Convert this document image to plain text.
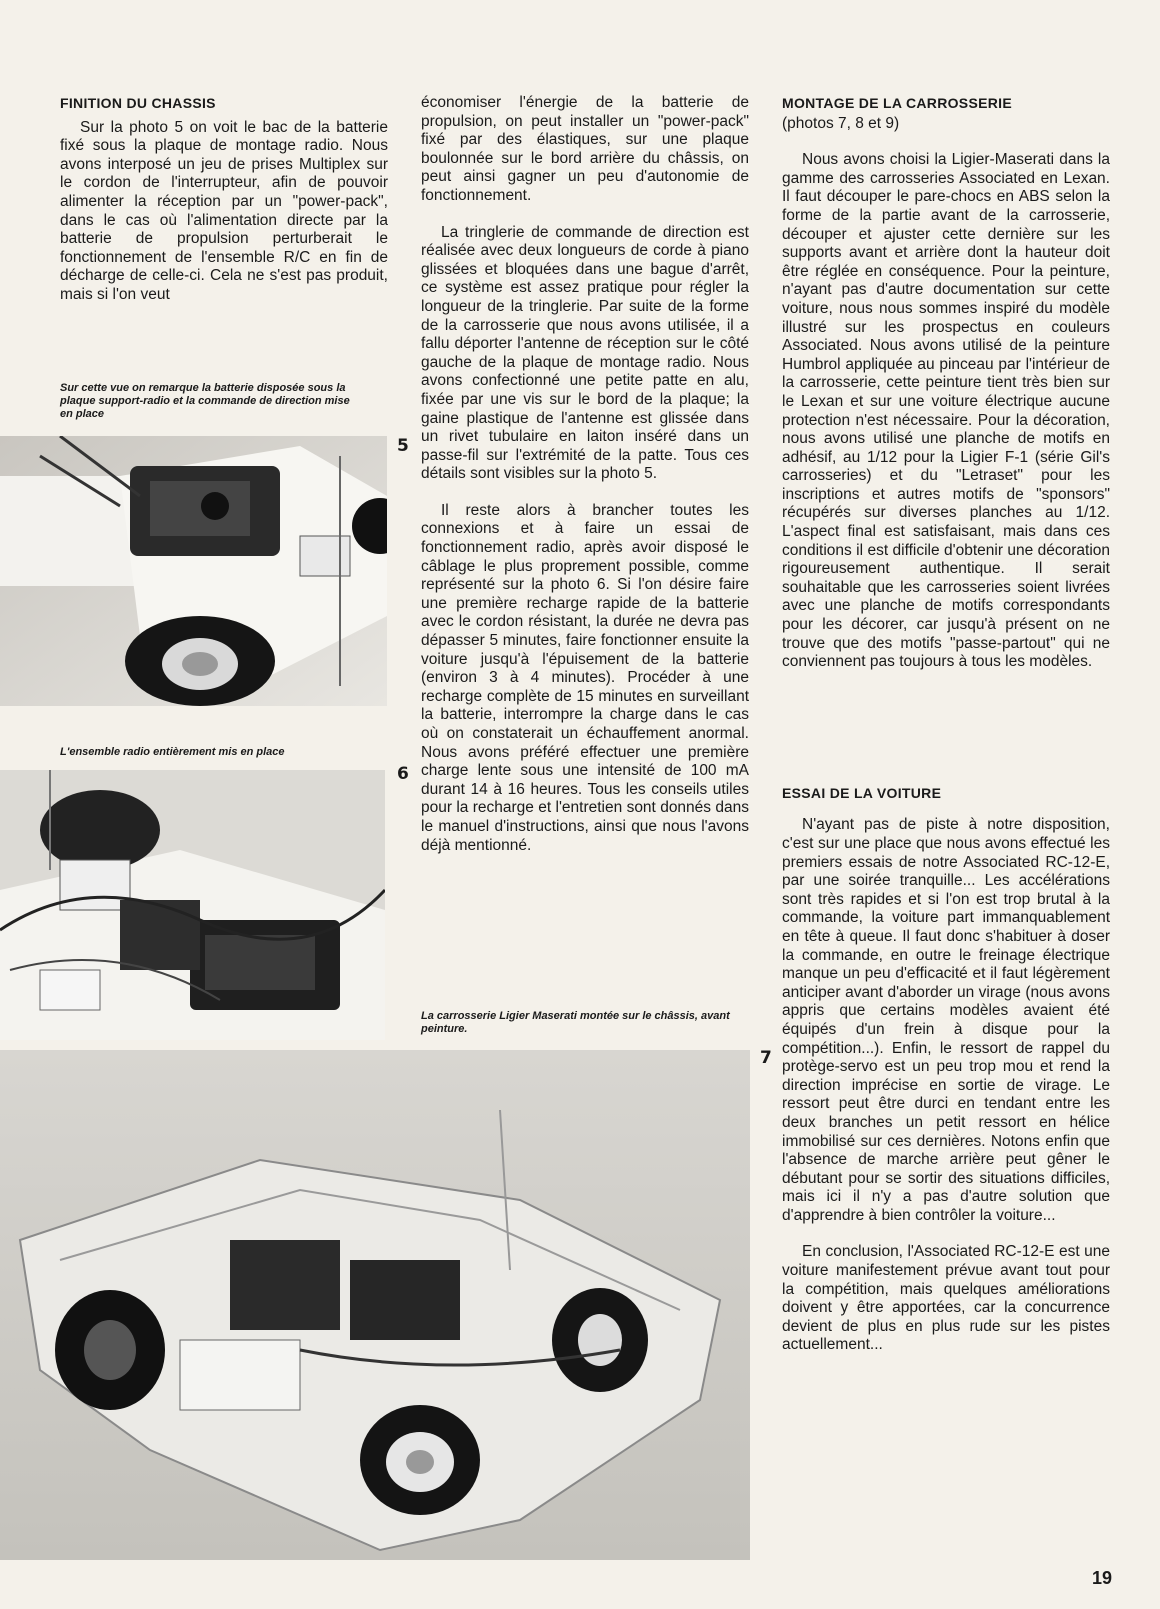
FINITION DU CHASSIS

Sur la photo 5 on voit le bac de la batterie fixé sous la plaque de montage radio. Nous avons interposé un jeu de prises Multiplex sur le cordon de l'interrupteur, afin de pouvoir alimenter la réception par un "power-pack", dans le cas où l'alimentation directe par la batterie de propulsion perturberait le fonctionnement de l'ensemble R/C en fin de décharge de celle-ci. Cela ne s'est pas produit, mais si l'on veut

Sur cette vue on remarque la batterie disposée sous la plaque support-radio et la commande de direction mise en place
5
L'ensemble radio entièrement mis en place
6

économiser l'énergie de la batterie de propulsion, on peut installer un "power-pack" fixé par des élastiques, sur une plaque boulonnée sur le bord arrière du châssis, on peut ainsi gagner un peu d'autonomie de fonctionnement.

La tringlerie de commande de direction est réalisée avec deux longueurs de corde à piano glissées et bloquées dans une bague d'arrêt, ce système est assez pratique pour régler la longueur de la tringlerie. Par suite de la forme de la carrosserie que nous avons utilisée, il a fallu déporter l'antenne de réception sur le côté gauche de la plaque de montage radio. Nous avons confectionné une petite patte en alu, fixée par une vis sur le bord de la plaque; la gaine plastique de l'antenne est glissée dans un rivet tubulaire en laiton inséré dans un passe-fil sur l'extrémité de la patte. Tous ces détails sont visibles sur la photo 5.

Il reste alors à brancher toutes les connexions et à faire un essai de fonctionnement radio, après avoir disposé le câblage le plus proprement possible, comme représenté sur la photo 6. Si l'on désire faire une première recharge rapide de la batterie avec le cordon résistant, la durée ne devra pas dépasser 5 minutes, faire fonctionner ensuite la voiture jusqu'à l'épuisement de la batterie (environ 3 à 4 minutes). Procéder à une recharge complète de 15 minutes en surveillant la batterie, interrompre la charge dans le cas où on constaterait un échauffement anormal. Nous avons préféré effectuer une première charge lente sous une intensité de 100 mA durant 14 à 16 heures. Tous les conseils utiles pour la recharge et l'entretien sont donnés dans le manuel d'instructions, ainsi que nous l'avons déjà mentionné.

La carrosserie Ligier Maserati montée sur le châssis, avant peinture.
7
MONTAGE DE LA CARROSSERIE
(photos 7, 8 et 9)

Nous avons choisi la Ligier-Maserati dans la gamme des carrosseries Associated en Lexan. Il faut découper le pare-chocs en ABS selon la forme de la partie avant de la carrosserie, découper et ajuster cette dernière sur les supports avant et arrière dont la hauteur doit être réglée en conséquence. Pour la peinture, n'ayant pas d'autre documentation sur cette voiture, nous nous sommes inspiré du modèle illustré sur les prospectus en couleurs Associated. Nous avons utilisé de la peinture Humbrol appliquée au pinceau par l'intérieur de la carrosserie, cette peinture tient très bien sur le Lexan et sur une voiture électrique aucune protection n'est nécessaire. Pour la décoration, nous avons utilisé une planche de motifs en adhésif, au 1/12 pour la Ligier F-1 (série Gil's carrosseries) et du "Letraset" pour les inscriptions et autres motifs de "sponsors" récupérés sur diverses planches au 1/12. L'aspect final est satisfaisant, mais dans ces conditions il est difficile d'obtenir une décoration rigoureusement authentique. Il serait souhaitable que les carrosseries soient livrées avec une planche de motifs correspondants pour les décorer, car jusqu'à présent on ne trouve que des motifs "passe-partout" qui ne conviennent pas toujours à tous les modèles.

ESSAI DE LA VOITURE

N'ayant pas de piste à notre disposition, c'est sur une place que nous avons effectué les premiers essais de notre Associated RC-12-E, par une soirée tranquille... Les accélérations sont très rapides et si l'on est trop brutal à la commande, la voiture part immanquablement en tête à queue. Il faut donc s'habituer à doser la commande, en outre le freinage électrique manque un peu d'efficacité et il faut légèrement anticiper avant d'aborder un virage (nous avons appris que certains modèles avaient été équipés d'un frein à disque pour la compétition...). Enfin, le ressort de rappel du protège-servo est un peu trop mou et rend la direction imprécise en sortie de virage. Le ressort peut être durci en tendant entre les deux branches un petit ressort en hélice immobilisé sur ces dernières. Notons enfin que l'absence de marche arrière peut gêner le débutant pour se sortir des situations difficiles, mais ici il n'y a pas d'autre solution que d'apprendre à bien contrôler la voiture...

En conclusion, l'Associated RC-12-E est une voiture manifestement prévue avant tout pour la compétition, mais quelques améliorations doivent y être apportées, car la concurrence devient de plus en plus rude sur les pistes actuellement...

19
